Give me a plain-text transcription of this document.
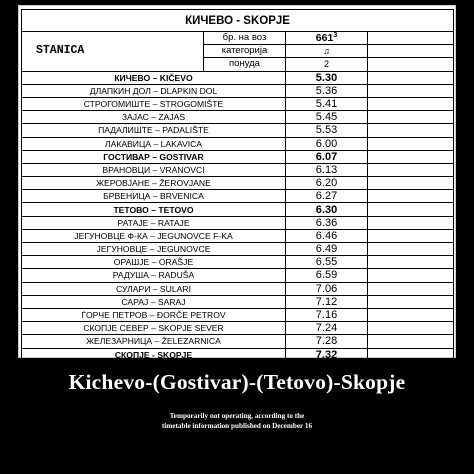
КИЧЕВО - SKOPJE			
STANICA	бр. на воз	$661^3$	
	категорија	♫	
	понуда	2	
КИЧЕВО – KIČEVO		5.30	
ДЛАПКИН ДОЛ – DLAPKIN DOL		5.36	
СТРОГОМИШТЕ – STROGOMIŠTE		5.41	
ЗАЈАС – ZAJAS		5.45	
ПАДАЛИШТЕ – PADALIŠTE		5.53	
ЛАКАВИЦА – LAKAVICA		6.00	
ГОСТИВАР – GOSTIVAR		6.07	
ВРАНОВЦИ – VRANOVCI		6.13	
ЖЕРОВЈАНЕ – ŽEROVJANE		6.20	
БРВЕНИЦА – BRVENICA		6.27	
ТЕТОВО – TETOVO		6.30	
РАТАЈЕ – RATAJE		6.36	
ЈЕГУНОВЦЕ Ф-КА – JEGUNOVCE F-KA		6.46	
ЈЕГУНОВЦЕ – JEGUNOVCE		6.49	
ОРАШЈЕ – ORAŠJE		6.55	
РАДУША – RADUŠA		6.59	
СУЛАРИ – SULARI		7.06	
САРАЈ – SARAJ		7.12	
ЃОРЧЕ ПЕТРОВ – ĐORČE PETROV		7.16	
СКОПЈЕ СЕВЕР – SKOPJE SEVER		7.24	
ЖЕЛЕЗАРНИЦА – ŽELEZARNICA		7.28	
СКОПЈЕ - SKOPJE		7.32	
Kichevo-(Gostivar)-(Tetovo)-Skopje
Temporarily not operating, according to the
timetable information published on December 16
